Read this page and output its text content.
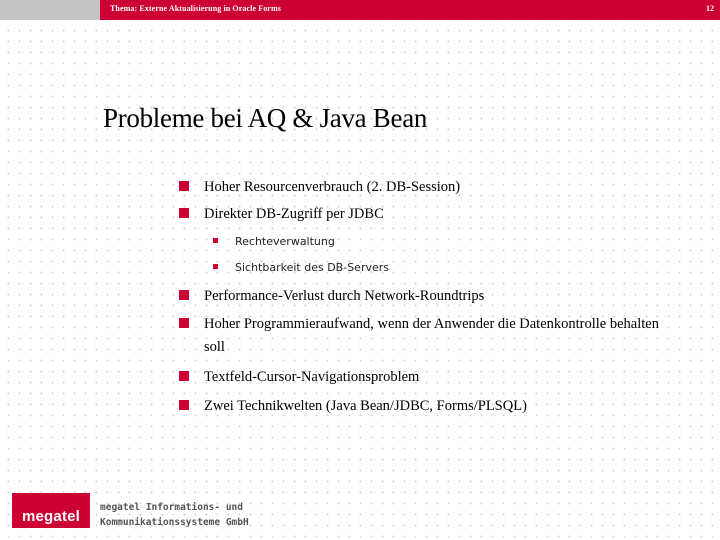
Thema: Externe Aktualisierung in Oracle Forms	12
Probleme bei AQ & Java Bean
Hoher Resourcenverbrauch (2. DB-Session)
Direkter DB-Zugriff per JDBC
Rechteverwaltung
Sichtbarkeit des DB-Servers
Performance-Verlust durch Network-Roundtrips
Hoher Programmieraufwand, wenn der Anwender die Datenkontrolle behalten soll
Textfeld-Cursor-Navigationsproblem
Zwei Technikwelten (Java Bean/JDBC, Forms/PLSQL)
megatel
megatel Informations- und
Kommunikationssysteme GmbH
